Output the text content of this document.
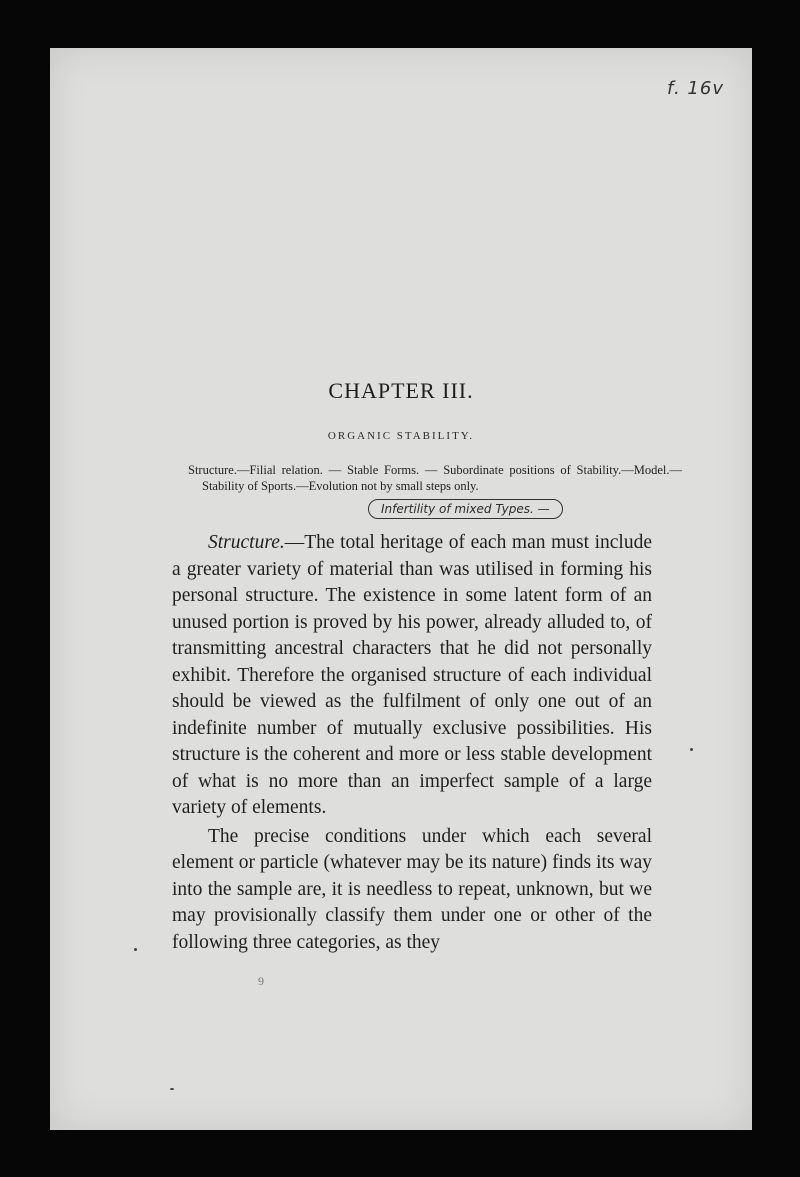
f. 16v
CHAPTER III.
ORGANIC STABILITY.
Structure.—Filial relation. — Stable Forms. — Subordinate positions of Stability.—Model.—Stability of Sports.—Evolution not by small steps only.
Infertility of mixed Types. —

Structure.—The total heritage of each man must include a greater variety of material than was utilised in forming his personal structure. The existence in some latent form of an unused portion is proved by his power, already alluded to, of transmitting ancestral characters that he did not personally exhibit. Therefore the organised structure of each individual should be viewed as the fulfilment of only one out of an indefinite number of mutually exclusive possibilities. His structure is the coherent and more or less stable development of what is no more than an imperfect sample of a large variety of elements.

The precise conditions under which each several element or particle (whatever may be its nature) finds its way into the sample are, it is needless to repeat, unknown, but we may provisionally classify them under one or other of the following three categories, as they

9
